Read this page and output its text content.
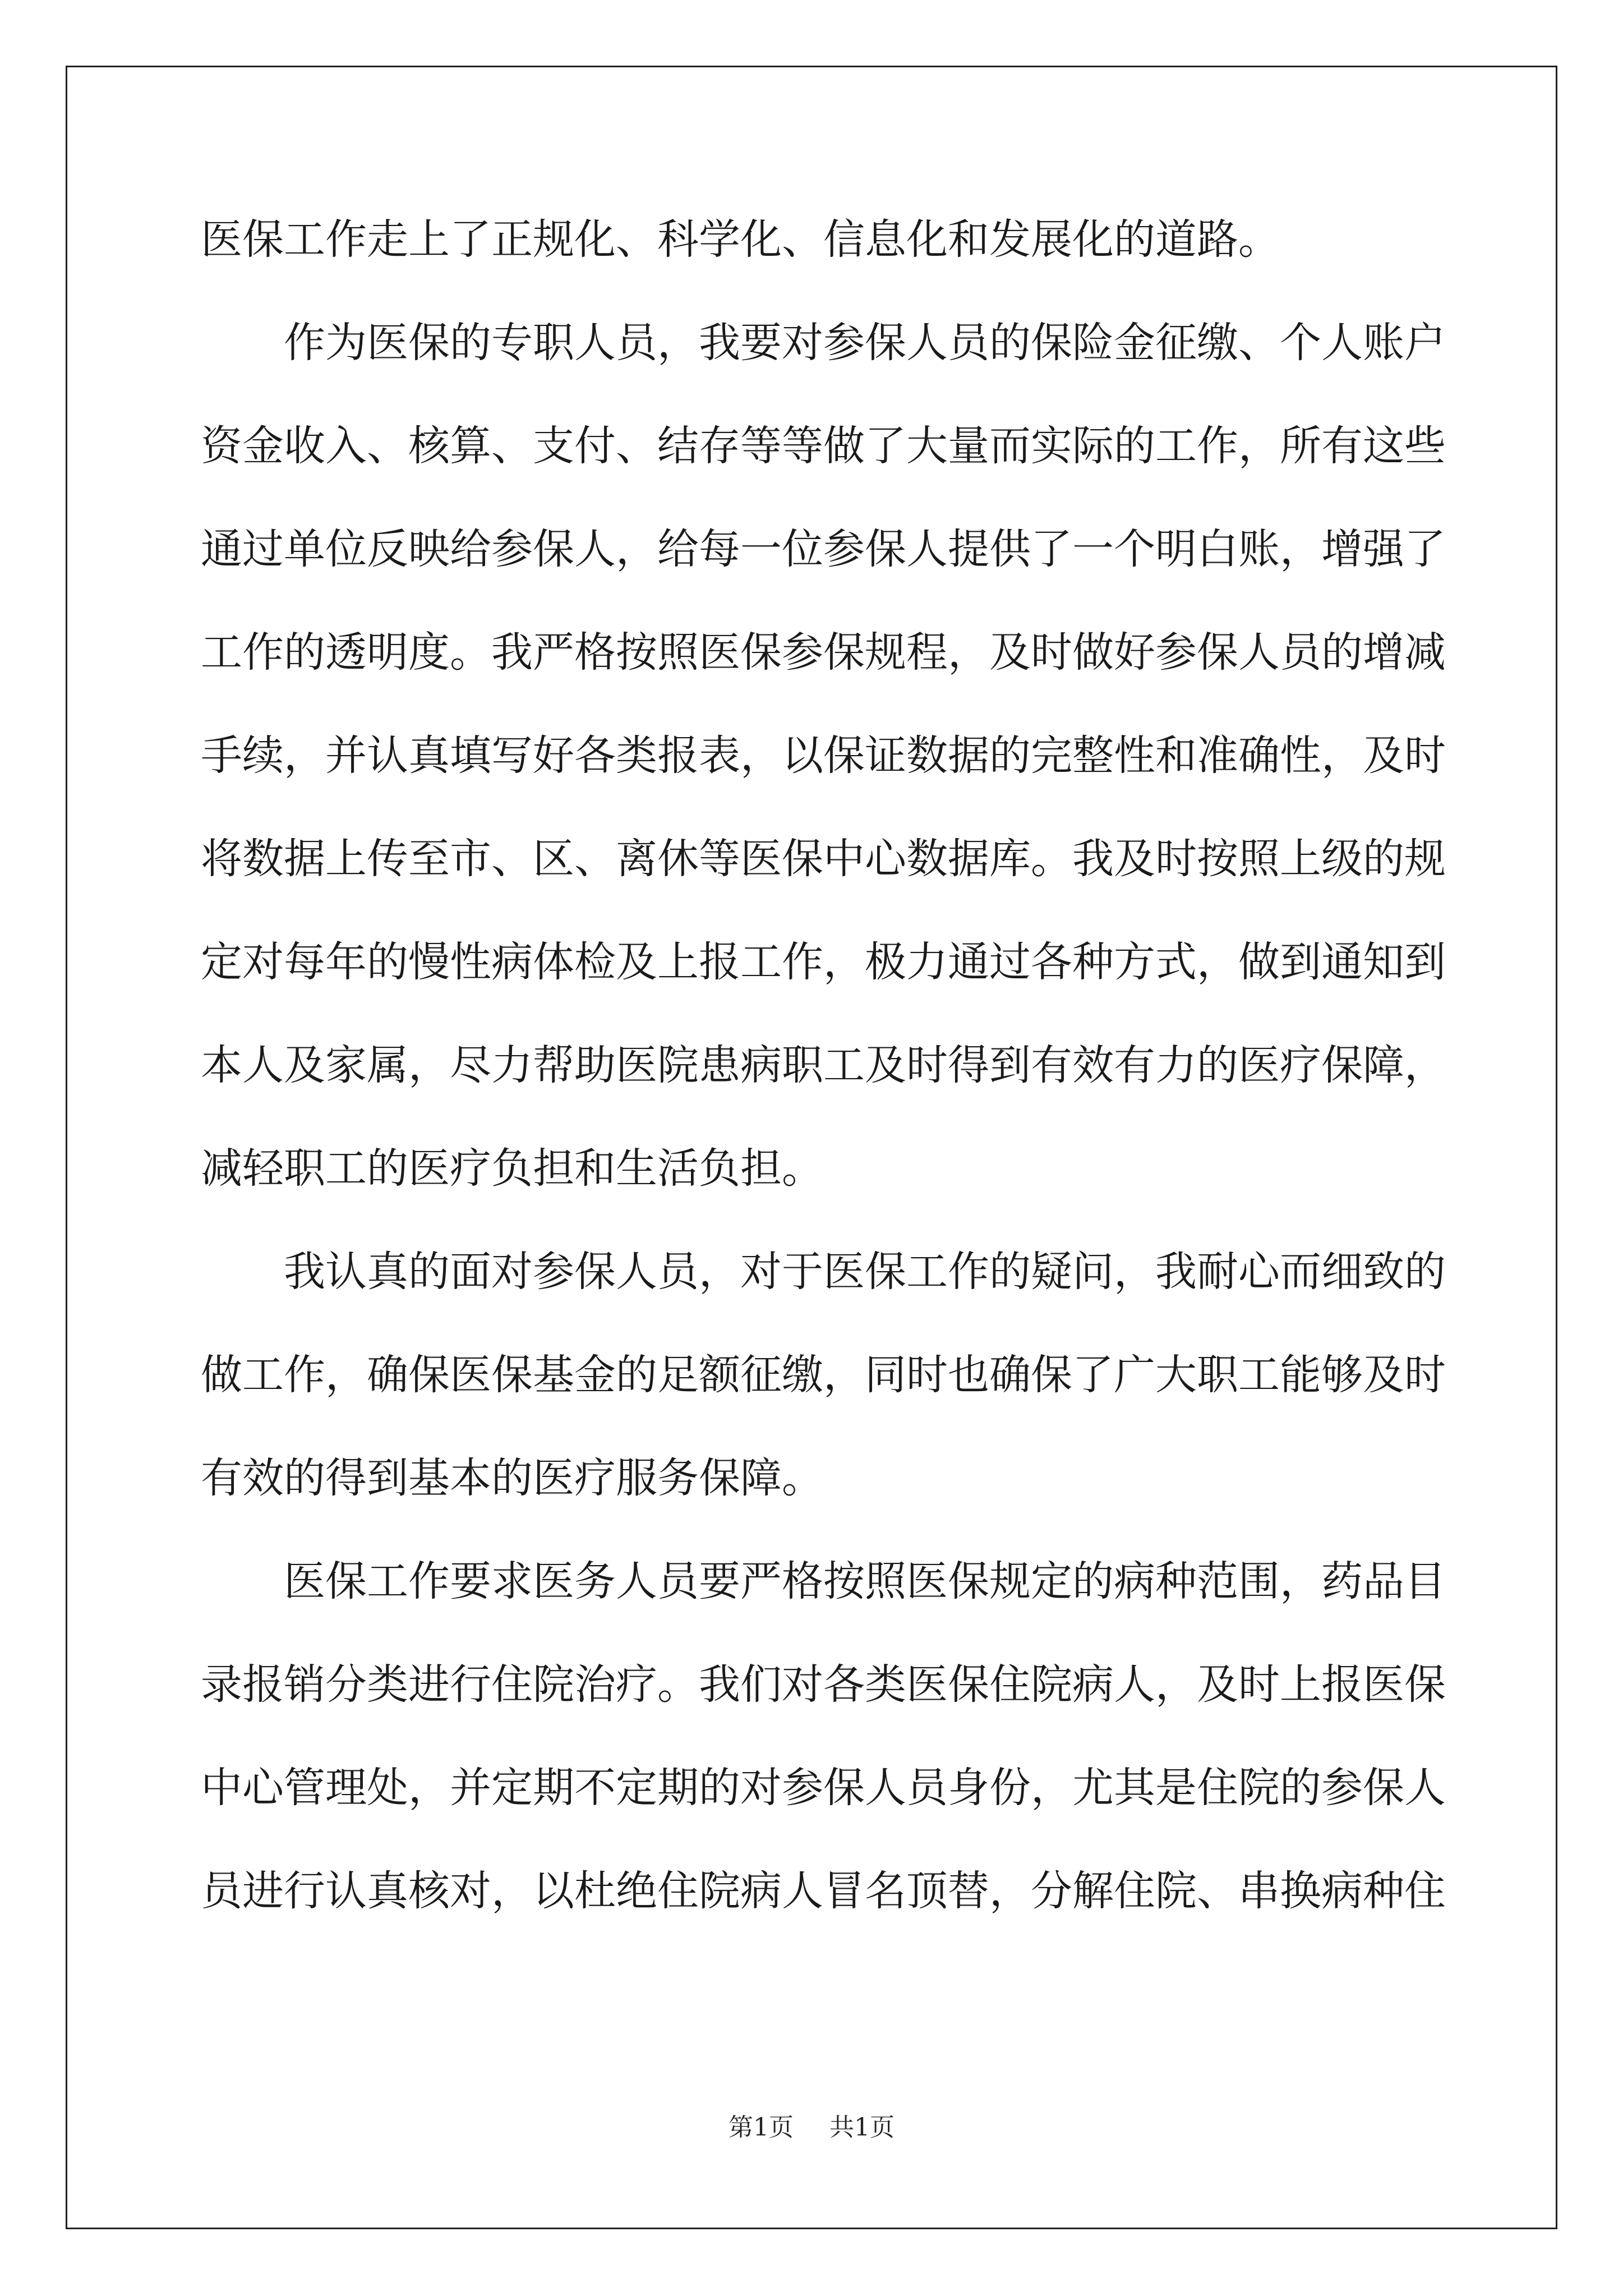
医 保 工 作 走 上 了 正 规 化 、 科 学 化 、 信 息 化 和 发 展 化 的 道 路 。
作 为 医 保 的 专 职 人 员 ， 我 要 对 参 保 人 员 的 保 险 金 征 缴 、 个 人 账 户
资 金 收 入 、 核 算 、 支 付 、 结 存 等 等 做 了 大 量 而 实 际 的 工 作 ， 所 有 这 些
通 过 单 位 反 映 给 参 保 人 ， 给 每 一 位 参 保 人 提 供 了 一 个 明 白 账 ， 增 强 了
工 作 的 透 明 度 。 我 严 格 按 照 医 保 参 保 规 程 ， 及 时 做 好 参 保 人 员 的 增 减
手 续 ， 并 认 真 填 写 好 各 类 报 表 ， 以 保 证 数 据 的 完 整 性 和 准 确 性 ， 及 时
将 数 据 上 传 至 市 、 区 、 离 休 等 医 保 中 心 数 据 库 。 我 及 时 按 照 上 级 的 规
定 对 每 年 的 慢 性 病 体 检 及 上 报 工 作 ， 极 力 通 过 各 种 方 式 ， 做 到 通 知 到
本 人 及 家 属 ， 尽 力 帮 助 医 院 患 病 职 工 及 时 得 到 有 效 有 力 的 医 疗 保 障 ，
减 轻 职 工 的 医 疗 负 担 和 生 活 负 担 。
我 认 真 的 面 对 参 保 人 员 ， 对 于 医 保 工 作 的 疑 问 ， 我 耐 心 而 细 致 的
做 工 作 ， 确 保 医 保 基 金 的 足 额 征 缴 ， 同 时 也 确 保 了 广 大 职 工 能 够 及 时
有 效 的 得 到 基 本 的 医 疗 服 务 保 障 。
医 保 工 作 要 求 医 务 人 员 要 严 格 按 照 医 保 规 定 的 病 种 范 围 ， 药 品 目
录 报 销 分 类 进 行 住 院 治 疗 。 我 们 对 各 类 医 保 住 院 病 人 ， 及 时 上 报 医 保
中 心 管 理 处 ， 并 定 期 不 定 期 的 对 参 保 人 员 身 份 ， 尤 其 是 住 院 的 参 保 人
员 进 行 认 真 核 对 ， 以 杜 绝 住 院 病 人 冒 名 顶 替 ， 分 解 住 院 、 串 换 病 种 住
第1页 共1页
